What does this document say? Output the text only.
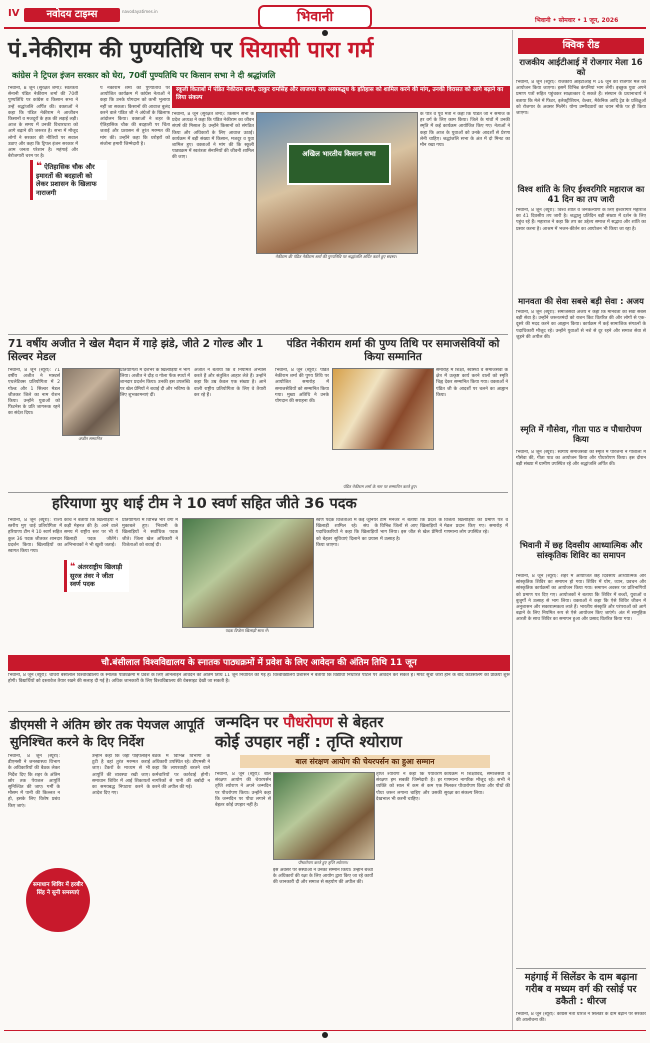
IV	नवोदय टाइम्स	भिवानी
navodayatimes.in
भिवानी • सोमवार • 1 जून, 2026
पं.नेकीराम की पुण्यतिथि पर सियासी पारा गर्म
कांग्रेस ने ट्रिपल इंजन सरकार को घेरा, 70वीं पुण्यतिथि पर किसान सभा ने दी श्रद्धांजलि
भिवानी, 8 जून (सुरक्षेत शर्मा): स्वतंत्रता सेनानी पंडित नेकीराम शर्मा की 70वीं पुण्यतिथि पर कांग्रेस व किसान सभा ने उन्हें श्रद्धांजलि अर्पित की। वक्ताओं ने कहा कि पंडित नेकीराम ने आजीवन किसानों व मजदूरों के हक की लड़ाई लड़ी। आज के समय में उनकी विचारधारा को आगे बढ़ाने की जरूरत है। सभा में मौजूद लोगों ने सरकार की नीतियों पर सवाल उठाए और कहा कि ट्रिपल इंजन सरकार में आम जनता परेशान है। महंगाई और बेरोजगारी चरम पर है।
❝ ऐतिहासिक चौक और इमारतों की बदहाली को लेकर प्रशासन के खिलाफ नाराजगी
पं नेकीराम शर्मा की पुण्यतिथि पर आयोजित कार्यक्रम में कांग्रेस नेताओं ने कहा कि उनके योगदान को कभी भुलाया नहीं जा सकता। किसानों की आवाज बुलंद करने वाले पंडित जी ने अंग्रेजों के खिलाफ आंदोलन किया। वक्ताओं ने शहर के ऐतिहासिक चौक की बदहाली पर चिंता जताई और प्रशासन से तुरंत मरम्मत की मांग की। उन्होंने कहा कि धरोहरों को संजोना हमारी जिम्मेदारी है।
स्कूली किताबों में पंडित नेकीराम शर्मा, ठाकुर रामसिंह और लाजपत राय अस्त्रबद्ध्‌ध के इतिहास को शामिल करने की मांग, उनकी विरासत को आगे बढ़ाने का लिया संकल्प
भिवानी, 8 जून (सुरक्षेत शर्मा): किसान सभा के प्रदेश अध्यक्ष ने कहा कि पंडित नेकीराम का जीवन संघर्ष की मिसाल है। उन्होंने किसानों को संगठित किया और अधिकारों के लिए आवाज उठाई। कार्यक्रम में बड़ी संख्या में किसान, मजदूर व युवा शामिल हुए। वक्ताओं ने मांग की कि स्कूली पाठ्यक्रम में स्वतंत्रता सेनानियों की जीवनी शामिल की जाए।	अखिल भारतीय किसान सभा
नेकीराम की पंडित नेकीराम शर्मा की पुण्यतिथि पर श्रद्धांजलि अर्पित करते हुए सदस्य।
के पौत्र व पूर्व मंत्री ने कहा कि पंडित जी ने समाज के हर वर्ग के लिए काम किया। जिले के गांवों में उनकी स्मृति में कई कार्यक्रम आयोजित किए गए। नेताओं ने कहा कि आज के युवाओं को उनके आदर्शों से प्रेरणा लेनी चाहिए। श्रद्धांजलि सभा के अंत में दो मिनट का मौन रखा गया।
71 वर्षीय अजीत ने खेल मैदान में गाड़े झंडे, जीते 2 गोल्ड और 1 सिल्वर मेडल
भिवानी, 8 जून (ब्यूरो): 71 वर्षीय अजीत ने मास्टर्स एथलेटिक्स प्रतियोगिता में 2 गोल्ड और 1 सिल्वर मेडल जीतकर जिले का नाम रोशन किया। उन्होंने युवाओं को फिटनेस के प्रति जागरूक रहने का संदेश दिया।
अजीत सम्मानित
प्रतियोगिता में देशभर के खिलाड़ियों ने भाग लिया। अजीत ने दौड़ व गोला फेंक स्पर्धा में शानदार प्रदर्शन किया। उनकी इस उपलब्धि पर खेल प्रेमियों ने बधाई दी और भविष्य के लिए शुभकामनाएं दीं।
अजीत ने बताया कि वे नियमित अभ्यास करते हैं और संतुलित आहार लेते हैं। उन्होंने कहा कि उम्र केवल एक संख्या है। आने वाली राष्ट्रीय प्रतियोगिता के लिए वे तैयारी कर रहे हैं।
पंडित नेकीराम शर्मा की पुण्य तिथि पर समाजसेवियों को किया सम्मानित
भिवानी, 8 जून (ब्यूरो): पंडित नेकीराम शर्मा की पुण्य तिथि पर आयोजित समारोह में समाजसेवियों को सम्मानित किया गया। मुख्य अतिथि ने उनके योगदान की सराहना की।
पंडित नेकीराम शर्मा के नाम पर सम्मानित करते हुए।
समारोह में शिक्षा, स्वास्थ्य व समाजसेवा के क्षेत्र में उत्कृष्ट कार्य करने वालों को स्मृति चिह्न देकर सम्मानित किया गया। वक्ताओं ने पंडित जी के आदर्शों पर चलने का आह्वान किया।
हरियाणा मुए थाई टीम ने 10 स्वर्ण सहित जीते 36 पदक
भिवानी, 8 जून (ब्यूरो): राज्य स्तरीय मुए थाई प्रतियोगिता में हरियाणा टीम ने 10 स्वर्ण सहित कुल 36 पदक जीतकर शानदार प्रदर्शन किया। खिलाड़ियों का स्वागत किया गया।
कोच ने बताया कि खिलाड़ियों ने कड़ी मेहनत की है। आने वाले समय में राष्ट्रीय स्तर पर भी ये खिलाड़ी पदक जीतेंगे। अभिभावकों ने भी खुशी जताई।
❝ अंतरराष्ट्रीय खिलाड़ी सुरज तंवर ने जीता स्वर्ण पदक
प्रतियोगिता में विभिन्न भार वर्गों में मुकाबले हुए। भिवानी के खिलाड़ियों ने सर्वाधिक पदक जीते। जिला खेल अधिकारी ने विजेताओं को बधाई दी।
पदक विजेता खिलाड़ी साथ में।
स्वर्ण पदक विजेताओं में कई जूनियर खिलाड़ी शामिल रहे। संघ के पदाधिकारियों ने कहा कि खिलाड़ियों को बेहतर सुविधाएं दिलाने का प्रयास किया जाएगा।
टीम मैनेजर ने बताया कि प्रदेश के विभिन्न जिलों से आए खिलाड़ियों ने भाग लिया। इस जीत से खेल प्रेमियों में उत्साह है।
विजेता खिलाड़ियों को प्रमाण पत्र व मेडल प्रदान किए गए। समारोह में गणमान्य लोग उपस्थित रहे।
चौ.बंसीलाल विश्वविद्यालय के स्नातक पाठ्यक्रमों में प्रवेश के लिए आवेदन की अंतिम तिथि 11 जून
भिवानी, 8 जून (ब्यूरो): चौधरी बंसीलाल विश्वविद्यालय के स्नातक पाठ्यक्रमों में प्रवेश के लिए ऑनलाइन आवेदन की अंतिम तिथि 11 जून निर्धारित की गई है। विश्वविद्यालय प्रशासन ने बताया कि विद्यार्थी निर्धारित पोर्टल पर आवेदन कर सकते हैं। मेरिट सूची जारी होने के बाद काउंसलिंग की प्रक्रिया शुरू होगी। विद्यार्थियों को दस्तावेज तैयार रखने की सलाह दी गई है। अधिक जानकारी के लिए विश्वविद्यालय की वेबसाइट देखी जा सकती है।
डीएमसी ने अंतिम छोर तक पेयजल आपूर्ति सुनिश्चित करने के दिए निर्देश
भिवानी, 8 जून (ब्यूरो): डीएमसी ने जनस्वास्थ्य विभाग के अधिकारियों की बैठक लेकर निर्देश दिए कि शहर के अंतिम छोर तक पेयजल आपूर्ति सुनिश्चित की जाए। गर्मी के मौसम में पानी की किल्लत न हो, इसके लिए विशेष प्रबंध किए जाएं।
समाधान शिविर में हरबीर सिंह ने सुनी समस्याएं
उन्होंने कहा कि जहां पाइपलाइन टूटी है वहां तुरंत मरम्मत कराई जाए। टैंकरों के माध्यम से भी आपूर्ति की व्यवस्था रखी जाए। समाधान शिविर में आई शिकायतों का समयबद्ध निपटारा करने के आदेश दिए गए।
बैठक में विभिन्न विभागों के अधिकारी उपस्थित रहे। डीएमसी ने कहा कि लापरवाही बरतने वाले कर्मचारियों पर कार्रवाई होगी। नागरिकों से पानी की बर्बादी न करने की अपील की गई।
जन्मदिन पर पौधरोपण से बेहतर
कोई उपहार नहीं : तृप्ति श्योराण
बाल संरक्षण आयोग की चेयरपर्सन का हुआ सम्मान
भिवानी, 8 जून (ब्यूरो): बाल संरक्षण आयोग की चेयरपर्सन तृप्ति श्योराण ने अपने जन्मदिन पर पौधरोपण किया। उन्होंने कहा कि जन्मदिन पर पौधा लगाने से बेहतर कोई उपहार नहीं है।
पौधारोपण करते हुए तृप्ति श्योराण।
इस अवसर पर संस्थाओं ने उनका सम्मान किया। उन्होंने बच्चों के अधिकारों की रक्षा के लिए आयोग द्वारा किए जा रहे कार्यों की जानकारी दी और समाज से सहयोग की अपील की।
तृप्ति श्योराण ने कहा कि पर्यावरण संरक्षण हम सबकी जिम्मेदारी है। हर व्यक्ति को साल में कम से कम एक पौधा जरूर लगाना चाहिए और उसकी देखभाल भी करनी चाहिए।
कार्यक्रम में शिक्षाविद, समाजसेवी व गणमान्य नागरिक मौजूद रहे। सभी ने मिलकर पौधारोपण किया और पौधों की सुरक्षा का संकल्प लिया।
क्विक रीड
राजकीय आईटीआई में रोजगार मेला 16 को
भिवानी, 8 जून (ब्यूरो): राजकीय आईटीआई में 16 जून को रोजगार मेले का आयोजन किया जाएगा। इसमें विभिन्न कंपनियां भाग लेंगी। इच्छुक युवा अपने प्रमाण पत्रों सहित पहुंचकर साक्षात्कार दे सकते हैं। संस्थान के प्रधानाचार्य ने बताया कि मेले में फिटर, इलेक्ट्रीशियन, वेल्डर, मैकेनिक आदि ट्रेड के प्रशिक्षुओं को रोजगार के अवसर मिलेंगे। योग्य उम्मीदवारों का चयन मौके पर ही किया जाएगा।
विश्व शांति के लिए ईश्वरगिरि महाराज का 41 दिन का तप जारी
भिवानी, 8 जून (ब्यूरो): विश्व शांति व जनकल्याण के लिए ईश्वरगिरि महाराज का 41 दिवसीय तप जारी है। श्रद्धालु प्रतिदिन बड़ी संख्या में दर्शन के लिए पहुंच रहे हैं। महाराज ने कहा कि तप का उद्देश्य समाज में सद्भाव और शांति का प्रसार करना है। आश्रम में भजन-कीर्तन का आयोजन भी किया जा रहा है।
मानवता की सेवा सबसे बड़ी सेवा : अजय
भिवानी, 8 जून (ब्यूरो): समाजसेवी अजय ने कहा कि मानवता की सेवा सबसे बड़ी सेवा है। उन्होंने जरूरतमंदों को राशन किट वितरित की और लोगों से एक-दूसरे की मदद करने का आह्वान किया। कार्यक्रम में कई सामाजिक संगठनों के पदाधिकारी मौजूद रहे। उन्होंने युवाओं से नशे से दूर रहने और समाज सेवा से जुड़ने की अपील की।
स्मृति में गौसेवा, गीता पाठ व पौधारोपण किया
भिवानी, 8 जून (ब्यूरो): स्वर्गीय समाजसेवी की स्मृति में परिजनों ने गौशाला में गौसेवा की, गीता पाठ का आयोजन किया और पौधारोपण किया। इस दौरान बड़ी संख्या में ग्रामीण उपस्थित रहे और श्रद्धांजलि अर्पित की।
भिवानी में छह दिवसीय आध्यात्मिक और सांस्कृतिक शिविर का समापन
भिवानी, 8 जून (ब्यूरो): शहर में आयोजित छह दिवसीय आध्यात्मिक और सांस्कृतिक शिविर का समापन हो गया। शिविर में योग, ध्यान, प्रवचन और सांस्कृतिक कार्यक्रमों का आयोजन किया गया। समापन अवसर पर प्रतिभागियों को प्रमाण पत्र दिए गए। आयोजकों ने बताया कि शिविर में बच्चों, युवाओं व बुजुर्गों ने उत्साह से भाग लिया। वक्ताओं ने कहा कि ऐसे शिविर जीवन में अनुशासन और सकारात्मकता लाते हैं। भारतीय संस्कृति और परंपराओं को आगे बढ़ाने के लिए नियमित रूप से ऐसे आयोजन किए जाएंगे। अंत में सामूहिक आरती के साथ शिविर का समापन हुआ और प्रसाद वितरित किया गया।
महंगाई में सिलेंडर के दाम बढ़ाना गरीब व मध्यम वर्ग की रसोई पर डकैती : धीरज
भिवानी, 8 जून (ब्यूरो): कांग्रेस नेता धीरज ने सिलेंडर के दाम बढ़ाने पर सरकार की आलोचना की।
